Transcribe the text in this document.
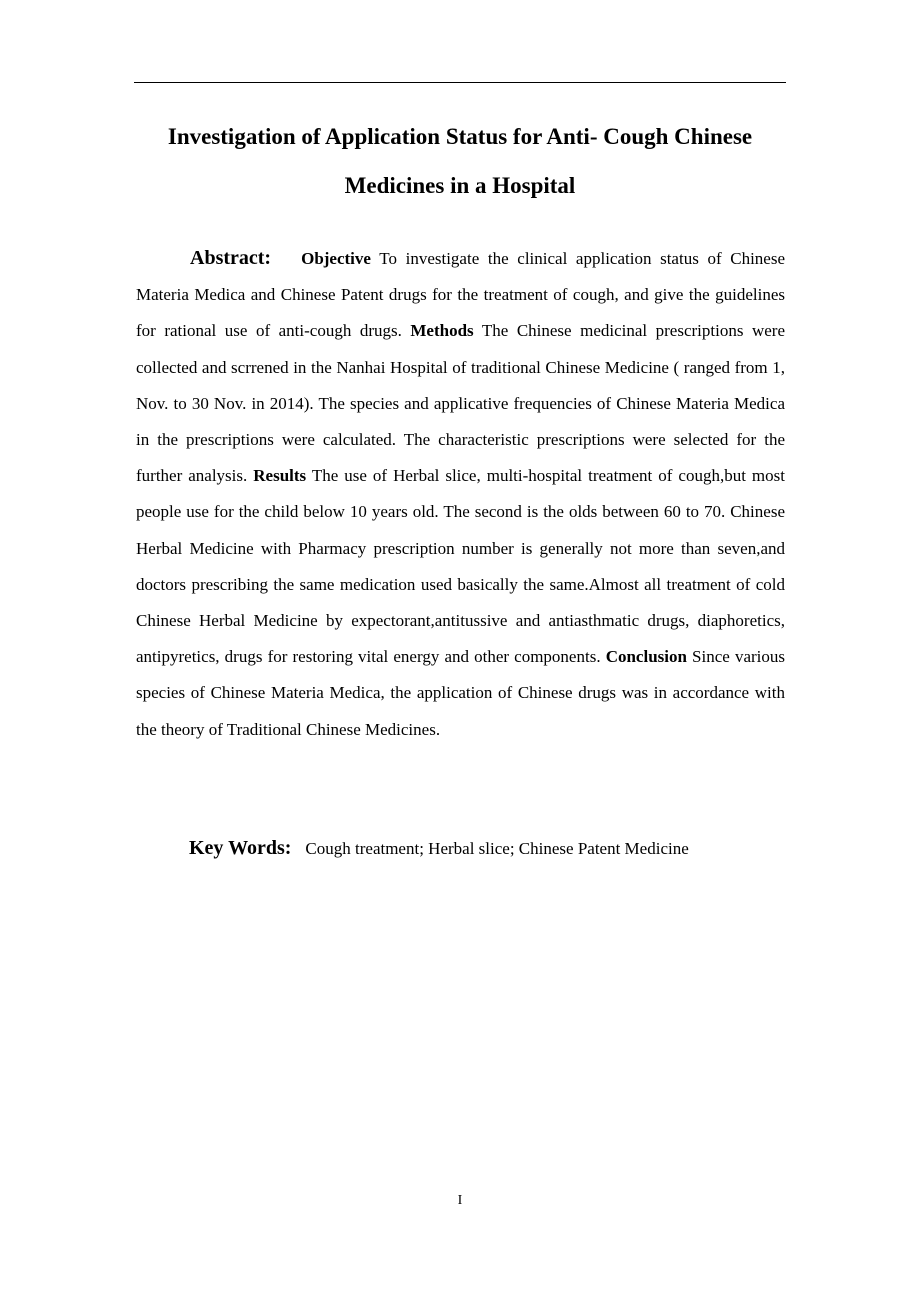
Investigation of Application Status for Anti- Cough Chinese Medicines in a Hospital

Abstract: Objective To investigate the clinical application status of Chinese Materia Medica and Chinese Patent drugs for the treatment of cough, and give the guidelines for rational use of anti-cough drugs. Methods The Chinese medicinal prescriptions were collected and scrrened in the Nanhai Hospital of traditional Chinese Medicine ( ranged from 1, Nov. to 30 Nov. in 2014). The species and applicative frequencies of Chinese Materia Medica in the prescriptions were calculated. The characteristic prescriptions were selected for the further analysis. Results The use of Herbal slice, multi-hospital treatment of cough,but most people use for the child below 10 years old. The second is the olds between 60 to 70. Chinese Herbal Medicine with Pharmacy prescription number is generally not more than seven,and doctors prescribing the same medication used basically the same.Almost all treatment of cold Chinese Herbal Medicine by expectorant,antitussive and antiasthmatic drugs, diaphoretics, antipyretics, drugs for restoring vital energy and other components. Conclusion Since various species of Chinese Materia Medica, the application of Chinese drugs was in accordance with the theory of Traditional Chinese Medicines.

Key Words: Cough treatment; Herbal slice; Chinese Patent Medicine

I
